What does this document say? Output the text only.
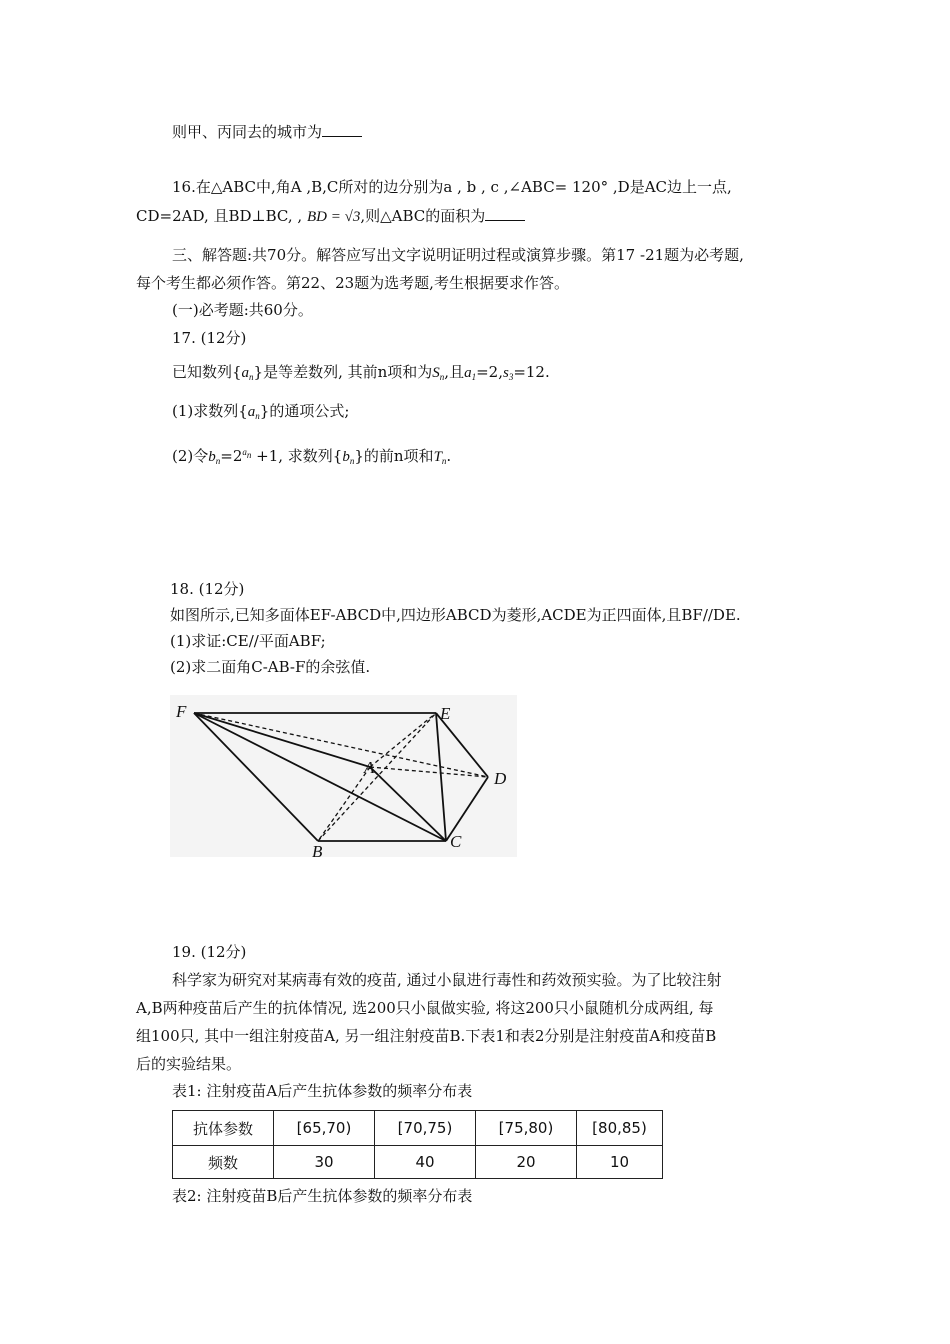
则甲、丙同去的城市为
16.在△ABC中,角A ,B,C所对的边分别为a , b , c ,∠ABC= 120° ,D是AC边上一点,
CD=2AD, 且BD⊥BC, , BD = √3,则△ABC的面积为
三、解答题:共70分。解答应写出文字说明证明过程或演算步骤。第17 -21题为必考题,
每个考生都必须作答。第22、23题为选考题,考生根据要求作答。
(一)必考题:共60分。
17. (12分)
已知数列$\{a_n\}$是等差数列, 其前n项和为$S_n$,且$a_1=2,s_3=12$.
(1)求数列$\{a_n\}$的通项公式;
(2)令$b_n=2^{a_n} +1$, 求数列$\{b_n\}$的前n项和$T_n$.
18. (12分)
如图所示,已知多面体EF-ABCD中,四边形ABCD为菱形,ACDE为正四面体,且BF//DE.
(1)求证:CE//平面ABF;
(2)求二面角C-AB-F的余弦值.
F	E
A
D
B
C
19. (12分)
科学家为研究对某病毒有效的疫苗, 通过小鼠进行毒性和药效预实验。为了比较注射
A,B两种疫苗后产生的抗体情况, 选200只小鼠做实验, 将这200只小鼠随机分成两组, 每
组100只, 其中一组注射疫苗A, 另一组注射疫苗B.下表1和表2分别是注射疫苗A和疫苗B
后的实验结果。
表1: 注射疫苗A后产生抗体参数的频率分布表
抗体参数	[65,70)	[70,75)	[75,80)	[80,85)
频数	30	40	20	10
表2: 注射疫苗B后产生抗体参数的频率分布表
